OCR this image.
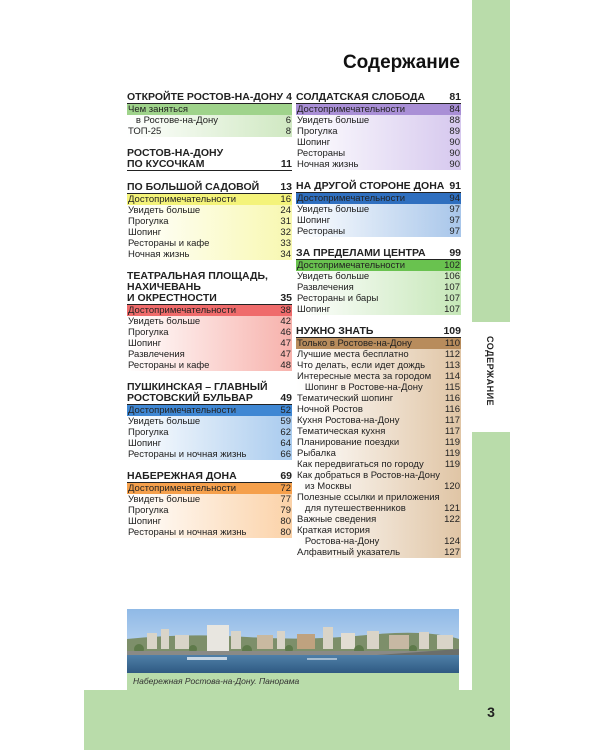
СОДЕРЖАНИЕ
3
Содержание
ОТКРОЙТЕ РОСТОВ-НА-ДОНУ 4
Чем заняться
в Ростове-на-Дону	6
ТОП-25	8
РОСТОВ-НА-ДОНУ
ПО КУСОЧКАМ	11
ПО БОЛЬШОЙ САДОВОЙ 13
Достопримечательности	16
Увидеть больше	24
Прогулка	31
Шопинг	32
Рестораны и кафе	33
Ночная жизнь	34
ТЕАТРАЛЬНАЯ ПЛОЩАДЬ,
НАХИЧЕВАНЬ
И ОКРЕСТНОСТИ	35
Достопримечательности	38
Увидеть больше	42
Прогулка	46
Шопинг	47
Развлечения	47
Рестораны и кафе	48
ПУШКИНСКАЯ – ГЛАВНЫЙ
РОСТОВСКИЙ БУЛЬВАР	49
Достопримечательности	52
Увидеть больше	59
Прогулка	62
Шопинг	64
Рестораны и ночная жизнь	66
НАБЕРЕЖНАЯ ДОНА	69
Достопримечательности	72
Увидеть больше	77
Прогулка	79
Шопинг	80
Рестораны и ночная жизнь	80
СОЛДАТСКАЯ СЛОБОДА 81
Достопримечательности	84
Увидеть больше	88
Прогулка	89
Шопинг	90
Рестораны	90
Ночная жизнь	90
НА ДРУГОЙ СТОРОНЕ ДОНА 91
Достопримечательности	94
Увидеть больше	97
Шопинг	97
Рестораны	97
ЗА ПРЕДЕЛАМИ ЦЕНТРА 99
Достопримечательности	102
Увидеть больше	106
Развлечения	107
Рестораны и бары	107
Шопинг	107
НУЖНО ЗНАТЬ	109
Только в Ростове-на-Дону	110
Лучшие места бесплатно	112
Что делать, если идет дождь 113
Интересные места за городом 114
Шопинг в Ростове-на-Дону 115
Тематический шопинг	116
Ночной Ростов	116
Кухня Ростова-на-Дону	117
Тематическая кухня	117
Планирование поездки	119
Рыбалка	119
Как передвигаться по городу 119
Как добраться в Ростов-на-Дону
из Москвы	120
Полезные ссылки и приложения
для путешественников	121
Важные сведения	122
Краткая история
Ростова-на-Дону	124
Алфавитный указатель	127
Набережная Ростова-на-Дону. Панорама
